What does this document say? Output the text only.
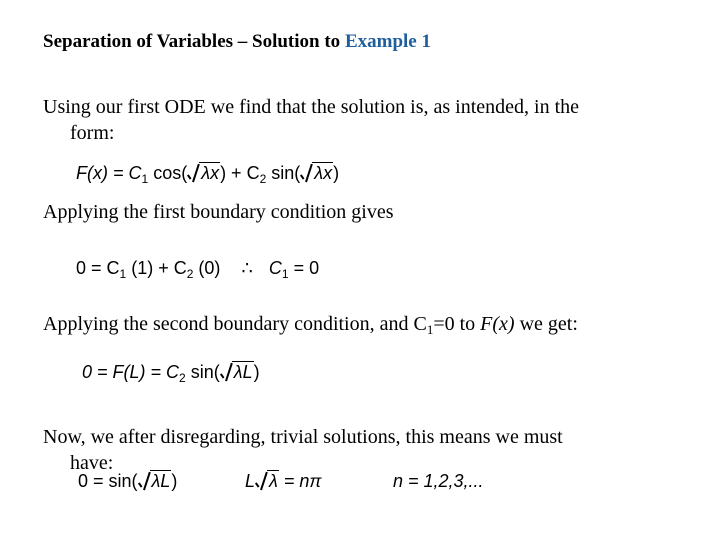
Separation of Variables – Solution to Example 1
Using our first ODE we find that the solution is, as intended, in the
form:
$F(x) = C_1$ cos( $\lambda x) + C_2$ sin( λx)
Applying the first boundary condition gives
$0 = C_1$ $(1) + C_2$ (0) ∴ $C_1 = 0$
Applying the second boundary condition, and $C_1=0$ to F(x) we get:
$0 = F(L) = C_2$ sin( λL)
Now, we after disregarding, trivial solutions, this means we must
have:
0 = sin( λL)	L λ = nπ	n = 1,2,3,...
